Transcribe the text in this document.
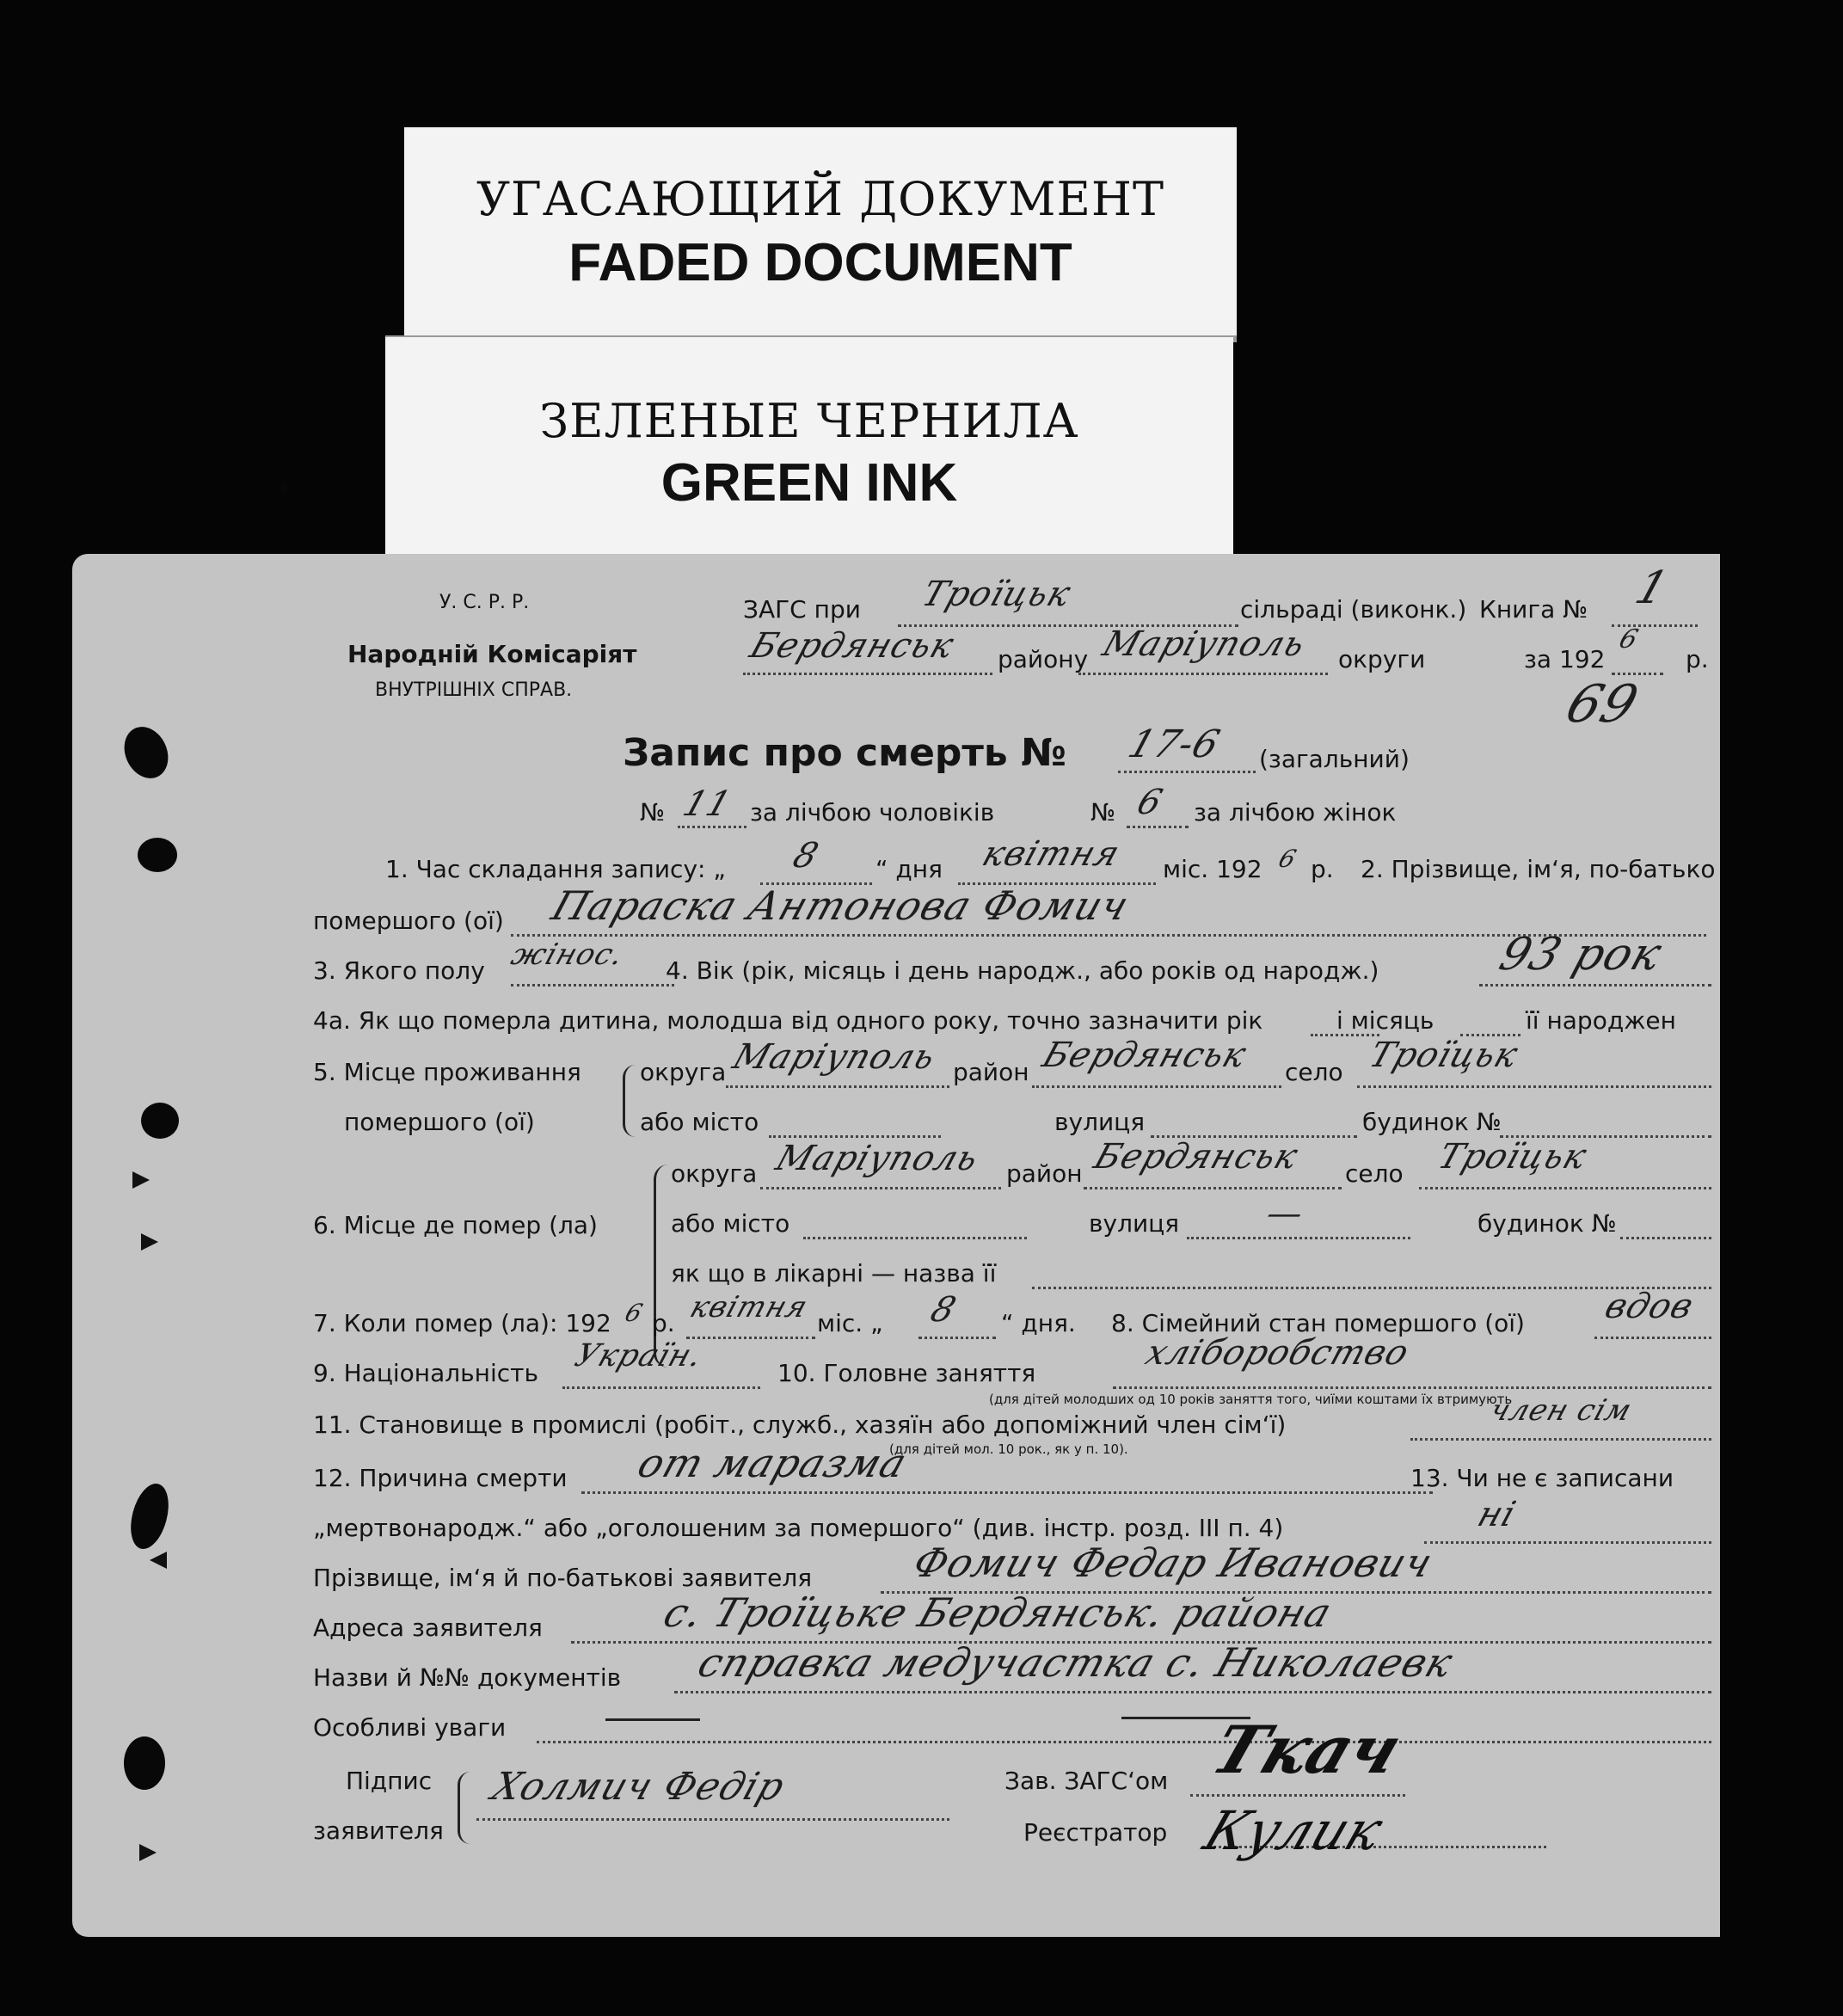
УГАСАЮЩИЙ ДОКУМЕНТ
FADED DOCUMENT
ЗЕЛЕНЫЕ ЧЕРНИЛА
GREEN INK
У. С. Р. Р.
Народній Комісаріят
ВНУТРІШНІХ СПРАВ.
ЗАГС при Троїцьк	сільраді (виконк.) Книга № 1
Бердянськ району Маріуполь округи	за 192
6
р.
69
Запис про смерть № 17-6 (загальний)
№ 11 за лічбою чоловіків	№ 6 за лічбою жінок
1. Час складання запису: „ 8 “ дня квітня міс. 192 6 р. 2. Прізвище, ім‘я, по-батько
помершого (ої) Параска Антонова Фомич
3. Якого полу жінос. 4. Вік (рік, місяць і день народж., або років од народж.)	93 рок
4а. Як що померла дитина, молодша від одного року, точно зазначити рік	і місяць	її народжен
5. Місце проживання
помершого (ої)
округа Маріуполь район Бердянськ село Троїцьк
або місто	вулиця	будинок №
6. Місце де помер (ла)
округа Маріуполь район Бердянськ село Троїцьк
або місто	вулиця —	будинок №
як що в лікарні — назва її
7. Коли помер (ла): 192 6 р. квітня міс. „ 8 “ дня. 8. Сімейний стан помершого (ої) вдов
9. Національність Україн.	10. Головне заняття
хліборобство
(для дітей молодших од 10 років заняття того, чиїми коштами їх втримують
11. Становище в промислі (робіт., служб., хазяїн або допоміжний член сім‘ї)	член сім
(для дітей мол. 10 рок., як у п. 10).
12. Причина смерти от маразма	13. Чи не є записани
„мертвонародж.“ або „оголошеним за помершого“ (див. інстр. розд. III п. 4)	ні
Прізвище, ім‘я й по-батькові заявителя Фомич Федар Иванович
Адреса заявителя	с. Троїцьке Бердянськ. района
Назви й №№ документів справка медучастка с. Николаевк
Особливі уваги
Підпис
заявителя
Холмич Федір	Зав. ЗАГС‘ом Ткач
Реєстратор Кулик
